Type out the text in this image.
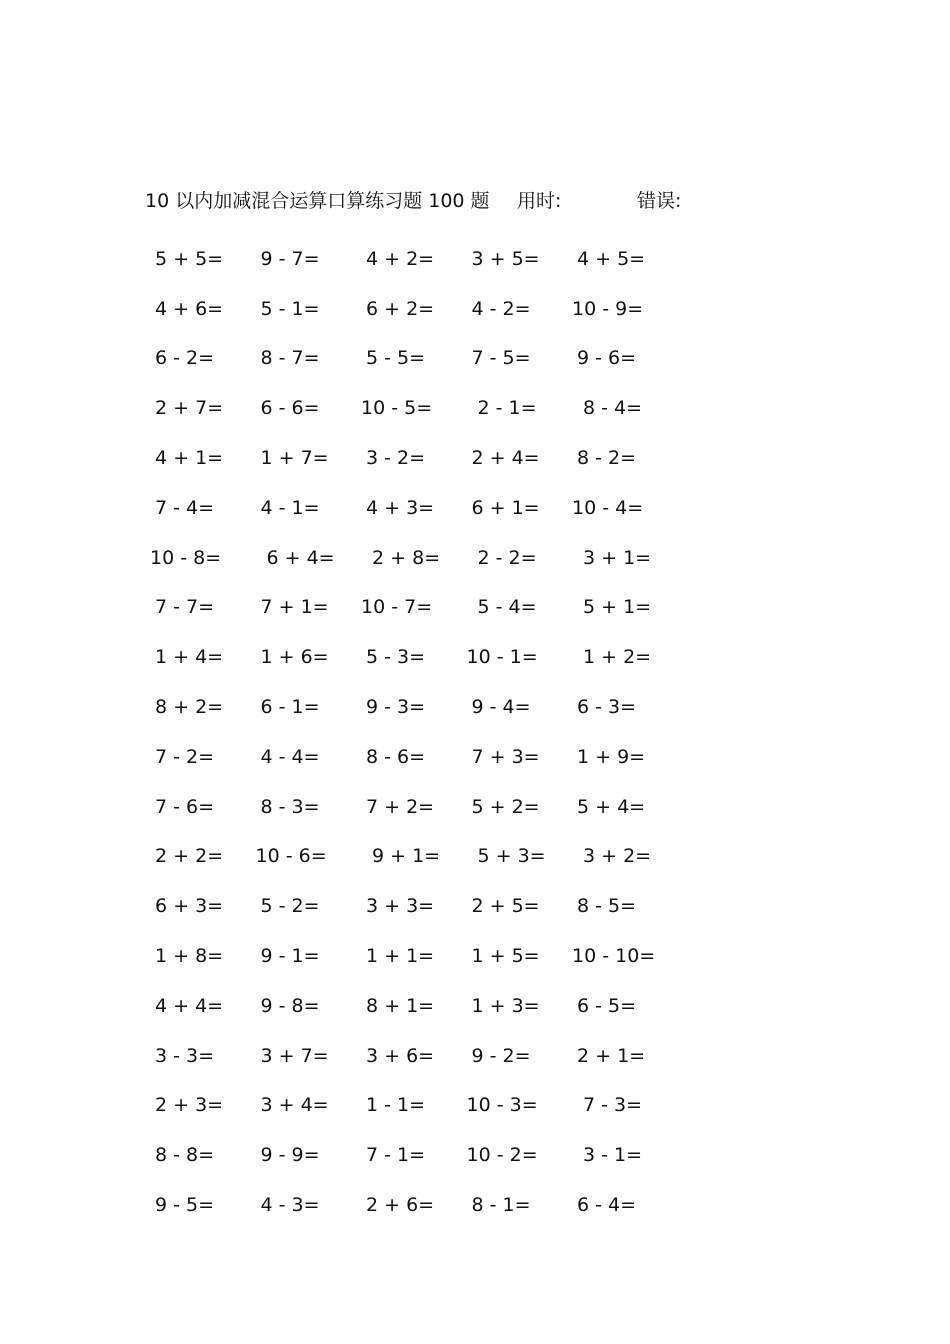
10 以内加减混合运算口算练习题 100 题 用时:	错误:
5 + 5=	9 - 7=	4 + 2=	3 + 5=	4 + 5=
4 + 6=	5 - 1=	6 + 2=	4 - 2=	10 - 9=
6 - 2=	8 - 7=	5 - 5=	7 - 5=	9 - 6=
2 + 7=	6 - 6=	10 - 5=	2 - 1=	8 - 4=
4 + 1=	1 + 7=	3 - 2=	2 + 4=	8 - 2=
7 - 4=	4 - 1=	4 + 3=	6 + 1=	10 - 4=
10 - 8=	6 + 4=	2 + 8=	2 - 2=	3 + 1=
7 - 7=	7 + 1=	10 - 7=	5 - 4=	5 + 1=
1 + 4=	1 + 6=	5 - 3=	10 - 1=	1 + 2=
8 + 2=	6 - 1=	9 - 3=	9 - 4=	6 - 3=
7 - 2=	4 - 4=	8 - 6=	7 + 3=	1 + 9=
7 - 6=	8 - 3=	7 + 2=	5 + 2=	5 + 4=
2 + 2=	10 - 6=	9 + 1=	5 + 3=	3 + 2=
6 + 3=	5 - 2=	3 + 3=	2 + 5=	8 - 5=
1 + 8=	9 - 1=	1 + 1=	1 + 5=	10 - 10=
4 + 4=	9 - 8=	8 + 1=	1 + 3=	6 - 5=
3 - 3=	3 + 7=	3 + 6=	9 - 2=	2 + 1=
2 + 3=	3 + 4=	1 - 1=	10 - 3=	7 - 3=
8 - 8=	9 - 9=	7 - 1=	10 - 2=	3 - 1=
9 - 5=	4 - 3=	2 + 6=	8 - 1=	6 - 4=
